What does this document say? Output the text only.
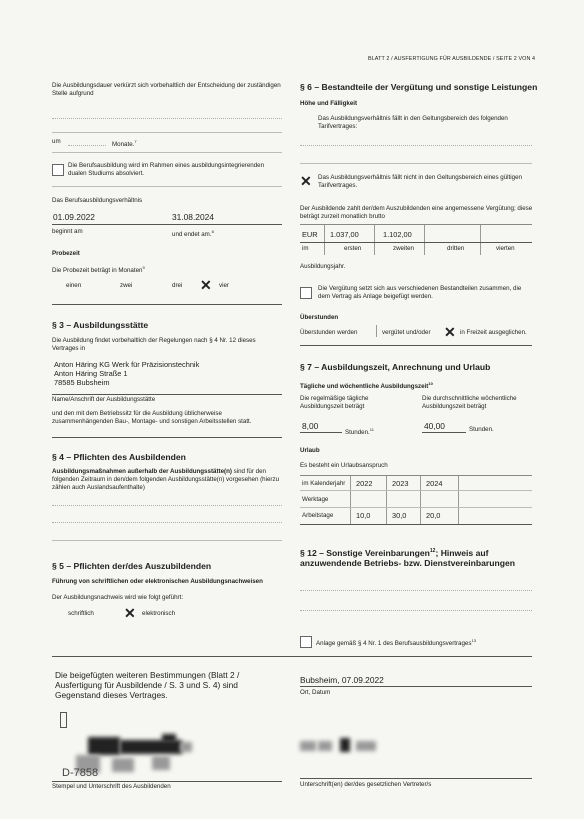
BLATT 2 / AUSFERTIGUNG FÜR AUSBILDENDE / SEITE 2 VON 4
Die Ausbildungsdauer verkürzt sich vorbehaltlich der Entscheidung der zuständigen Stelle aufgrund
um	Monate.$^7$
Die Berufsausbildung wird im Rahmen eines ausbildungsintegrierenden dualen Studiums absolviert.
Das Berufsausbildungsverhältnis
01.09.2022	31.08.2024
beginnt am	und endet am.$^8$
Probezeit
Die Probezeit beträgt in Monaten$^9$
einen	zwei	drei ✕ vier
§ 3 – Ausbildungsstätte
Die Ausbildung findet vorbehaltlich der Regelungen nach § 4 Nr. 12 dieses Vertrages in
Anton Häring KG Werk für Präzisionstechnik
Anton Häring Straße 1
78585 Bubsheim
Name/Anschrift der Ausbildungsstätte
und den mit dem Betriebssitz für die Ausbildung üblicherweise zusammenhängenden Bau-, Montage- und sonstigen Arbeitsstellen statt.
§ 4 – Pflichten des Ausbildenden
Ausbildungsmaßnahmen außerhalb der Ausbildungsstätte(n) sind für den folgenden Zeitraum in den/dem folgenden Ausbildungsstätte(n) vorgesehen (hierzu zählen auch Auslandsaufenthalte)
§ 5 – Pflichten der/des Auszubildenden
Führung von schriftlichen oder elektronischen Ausbildungsnachweisen
Der Ausbildungsnachweis wird wie folgt geführt:
schriftlich ✕ elektronisch
Die beigefügten weiteren Bestimmungen (Blatt 2 / Ausfertigung für Ausbildende / S. 3 und S. 4) sind Gegenstand dieses Vertrages.
D-7858
Stempel und Unterschrift des Ausbildenden
§ 6 – Bestandteile der Vergütung und sonstige Leistungen
Höhe und Fälligkeit
Das Ausbildungsverhältnis fällt in den Geltungsbereich des folgenden Tarifvertrages:
✕ Das Ausbildungsverhältnis fällt nicht in den Geltungsbereich eines gültigen Tarifvertrages.
Der Ausbildende zahlt der/dem Auszubildenden eine angemessene Vergütung; diese beträgt zurzeit monatlich brutto
EUR 1.037,00	1.102,00
im	ersten	zweiten	dritten	vierten
Ausbildungsjahr.
Die Vergütung setzt sich aus verschiedenen Bestandteilen zusammen, die dem Vertrag als Anlage beigefügt werden.
Überstunden
Überstunden werden	vergütet und/oder ✕ in Freizeit ausgeglichen.
§ 7 – Ausbildungszeit, Anrechnung und Urlaub
Tägliche und wöchentliche Ausbildungszeit$^{10}$
Die regelmäßige tägliche Ausbildungszeit beträgt
Die durchschnittliche wöchentliche Ausbildungszeit beträgt
8,00
Stunden.$^{11}$	40,00	Stunden.
Urlaub
Es besteht ein Urlaubsanspruch
im Kalenderjahr 2022	2023 2024
Werktage
Arbeitstage	10,0	30,0	20,0
§ 12 – Sonstige Vereinbarungen$^{12}$; Hinweis auf anzuwendende Betriebs- bzw. Dienstvereinbarungen
Anlage gemäß § 4 Nr. 1 des Berufsausbildungsvertrages$^{13}$
Bubsheim, 07.09.2022
Ort, Datum
Unterschrift(en) der/des gesetzlichen Vertreter/s
